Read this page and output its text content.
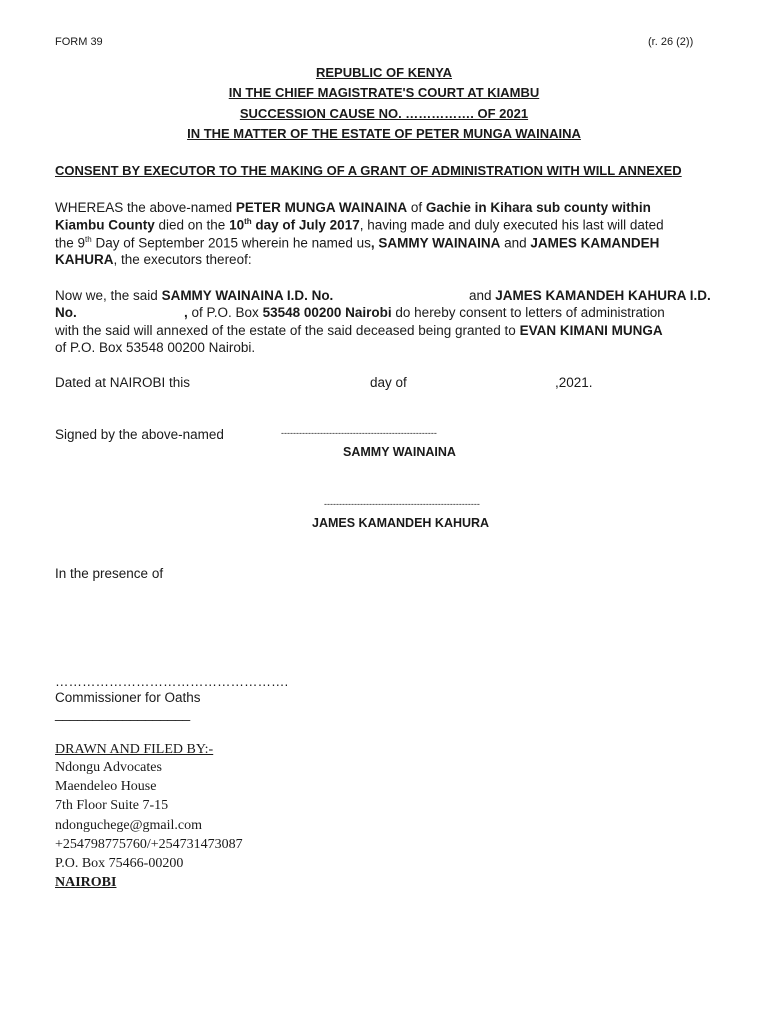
FORM 39	(r. 26 (2))
REPUBLIC OF KENYA
IN THE CHIEF MAGISTRATE'S COURT AT KIAMBU
SUCCESSION CAUSE NO. ……………. OF 2021
IN THE MATTER OF THE ESTATE OF PETER MUNGA WAINAINA
CONSENT BY EXECUTOR TO THE MAKING OF A GRANT OF ADMINISTRATION WITH WILL ANNEXED
WHEREAS the above-named PETER MUNGA WAINAINA of Gachie in Kihara sub county within
Kiambu County died on the 10th day of July 2017, having made and duly executed his last will dated
the 9th Day of September 2015 wherein he named us, SAMMY WAINAINA and JAMES KAMANDEH
KAHURA, the executors thereof:
Now we, the said SAMMY WAINAINA I.D. No.	and JAMES KAMANDEH KAHURA I.D.
No.	, of P.O. Box 53548 00200 Nairobi do hereby consent to letters of administration
with the said will annexed of the estate of the said deceased being granted to EVAN KIMANI MUNGA
of P.O. Box 53548 00200 Nairobi.
Dated at NAIROBI this	day of	,2021.
Signed by the above-named	----------------------------------------------------
SAMMY WAINAINA
----------------------------------------------------
JAMES KAMANDEH KAHURA
In the presence of
…………………………………………….
Commissioner for Oaths
__________________
DRAWN AND FILED BY:-
Ndongu Advocates
Maendeleo House
7th Floor Suite 7-15
ndonguchege@gmail.com
+254798775760/+254731473087
P.O. Box 75466-00200
NAIROBI
